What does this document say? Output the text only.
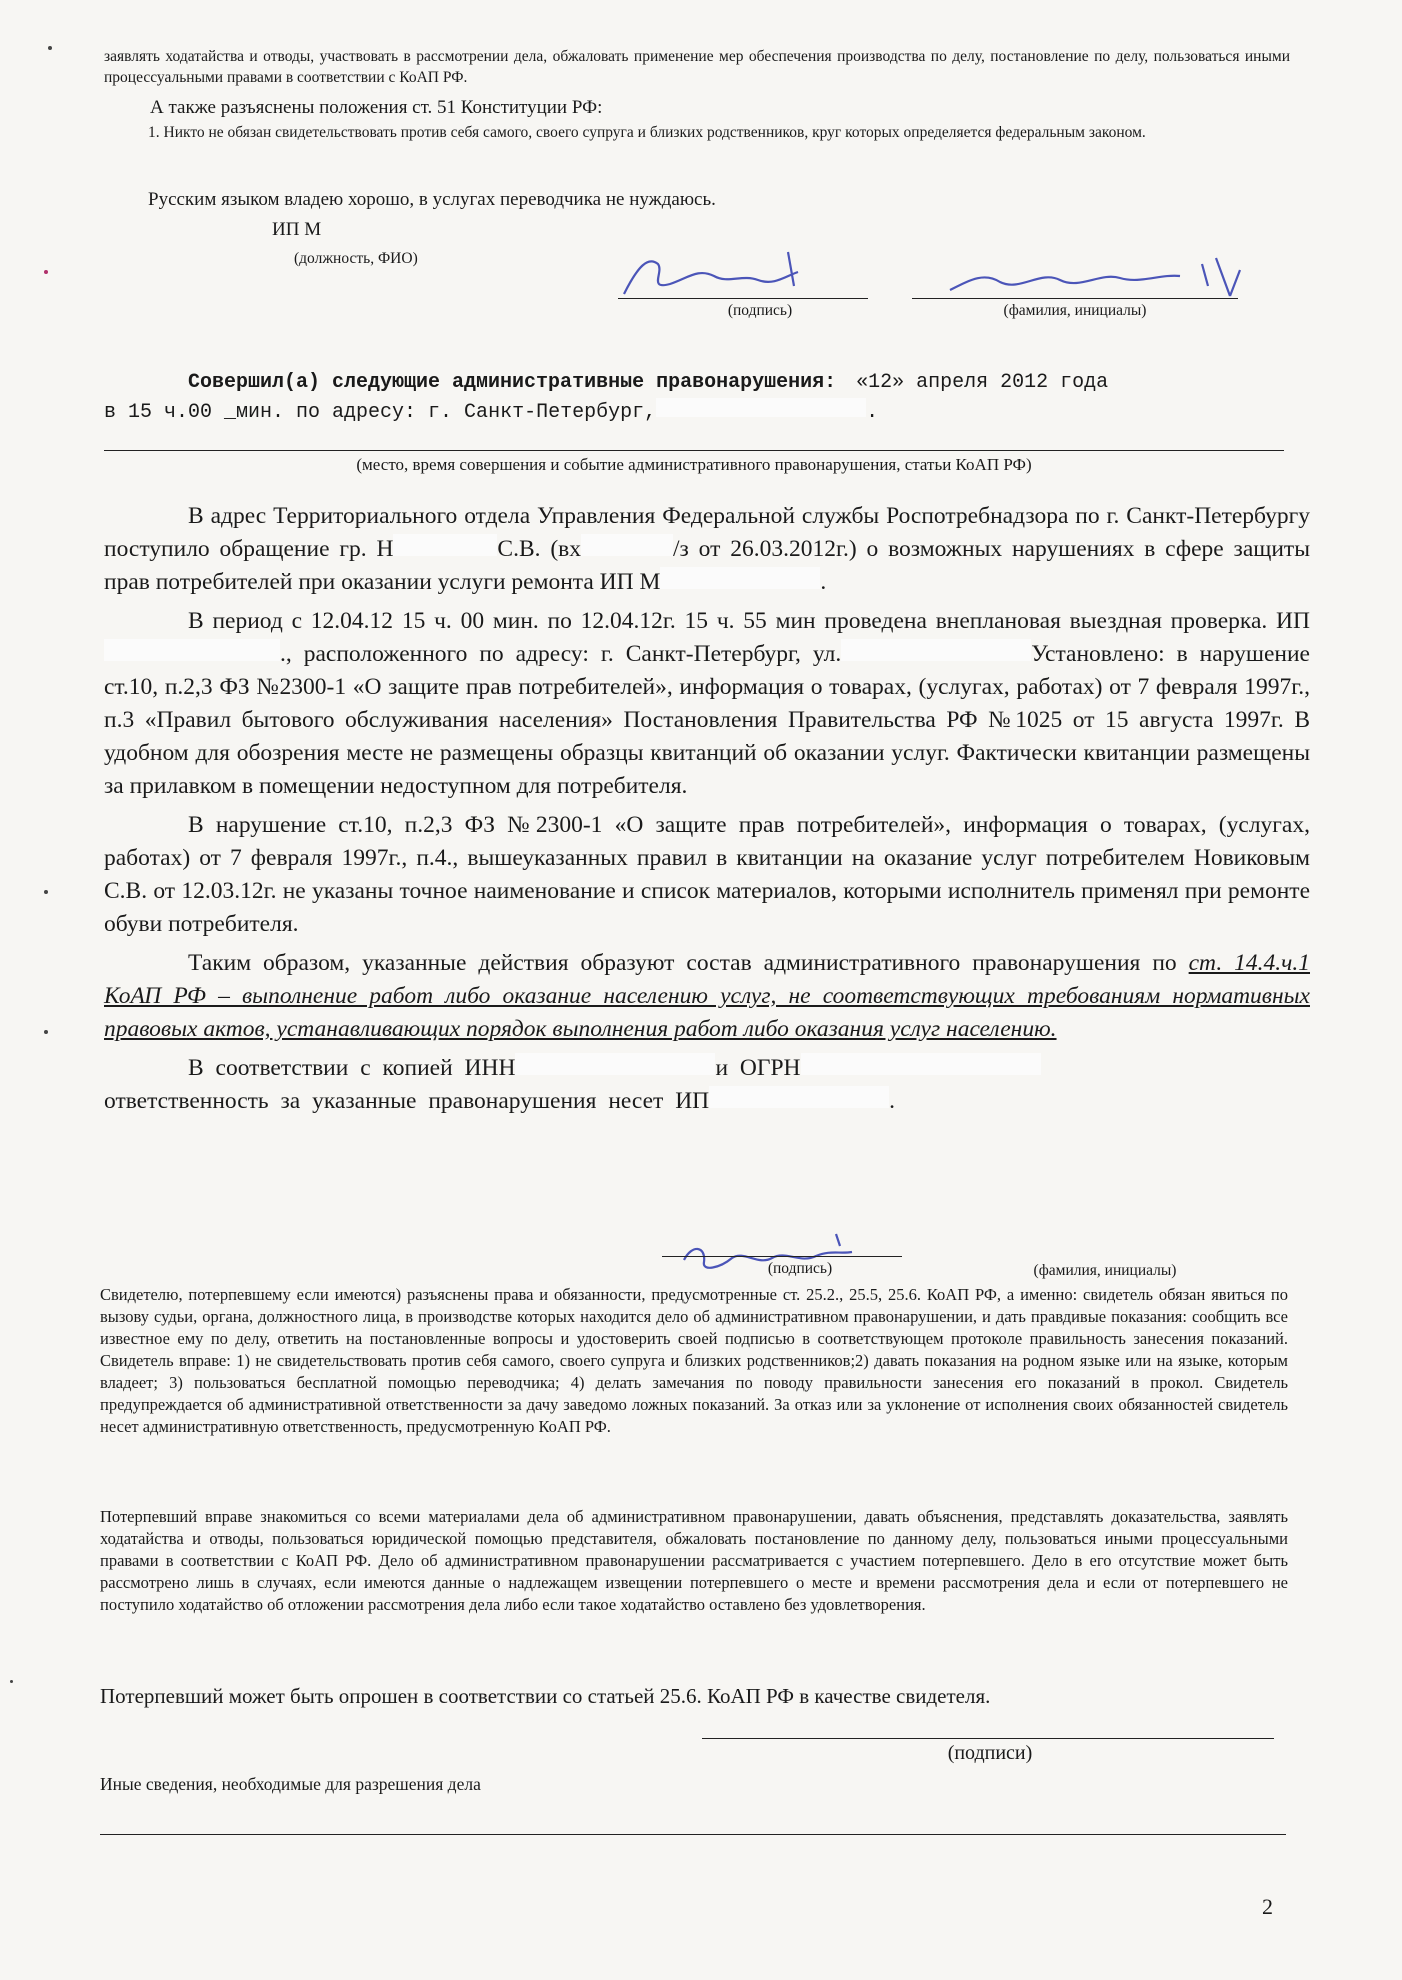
заявлять ходатайства и отводы, участвовать в рассмотрении дела, обжаловать применение мер обеспечения производства по делу, постановление по делу, пользоваться иными процессуальными правами в соответствии с КоАП РФ.

А также разъяснены положения ст. 51 Конституции РФ:

1. Никто не обязан свидетельствовать против себя самого, своего супруга и близких родственников, круг которых определяется федеральным законом.

Русским языком владею хорошо, в услугах переводчика не нуждаюсь.

ИП М

(должность, ФИО)

(подпись)	(фамилия, инициалы)

Совершил(а) следующие административные правонарушения: «12» апреля 2012 года
в 15 ч.00 _мин. по адресу: г. Санкт-Петербург,	.

(место, время совершения и событие административного правонарушения, статьи КоАП РФ)

В адрес Территориального отдела Управления Федеральной службы Роспотребнадзора по г. Санкт-Петербургу поступило обращение гр. Н	С.В. (вх	/з от 26.03.2012г.) о возможных нарушениях в сфере защиты прав потребителей при оказании услуги ремонта ИП М	.

В период с 12.04.12 15 ч. 00 мин. по 12.04.12г. 15 ч. 55 мин проведена внеплановая выездная проверка. ИП., расположенного по адресу: г. Санкт-Петербург, ул.	Установлено: в нарушение ст.10, п.2,3 ФЗ №2300-1 «О защите прав потребителей», информация о товарах, (услугах, работах) от 7 февраля 1997г., п.3 «Правил бытового обслуживания населения» Постановления Правительства РФ №1025 от 15 августа 1997г. В удобном для обозрения месте не размещены образцы квитанций об оказании услуг. Фактически квитанции размещены за прилавком в помещении недоступном для потребителя.

В нарушение ст.10, п.2,3 ФЗ №2300-1 «О защите прав потребителей», информация о товарах, (услугах, работах) от 7 февраля 1997г., п.4., вышеуказанных правил в квитанции на оказание услуг потребителем Новиковым С.В. от 12.03.12г. не указаны точное наименование и список материалов, которыми исполнитель применял при ремонте обуви потребителя.

Таким образом, указанные действия образуют состав административного правонарушения по ст. 14.4.ч.1 КоАП РФ – выполнение работ либо оказание населению услуг, не соответствующих требованиям нормативных правовых актов, устанавливающих порядок выполнения работ либо оказания услуг населению.

В соответствии с копией ИНН	и ОГРН
ответственность за указанные правонарушения несет ИП	.

(подпись)	(фамилия, инициалы)

Свидетелю, потерпевшему если имеются) разъяснены права и обязанности, предусмотренные ст. 25.2., 25.5, 25.6. КоАП РФ, а именно: свидетель обязан явиться по вызову судьи, органа, должностного лица, в производстве которых находится дело об административном правонарушении, и дать правдивые показания: сообщить все известное ему по делу, ответить на постановленные вопросы и удостоверить своей подписью в соответствующем протоколе правильность занесения показаний. Свидетель вправе: 1) не свидетельствовать против себя самого, своего супруга и близких родственников;2) давать показания на родном языке или на языке, которым владеет; 3) пользоваться бесплатной помощью переводчика; 4) делать замечания по поводу правильности занесения его показаний в прокол. Свидетель предупреждается об административной ответственности за дачу заведомо ложных показаний. За отказ или за уклонение от исполнения своих обязанностей свидетель несет административную ответственность, предусмотренную КоАП РФ.

Потерпевший вправе знакомиться со всеми материалами дела об административном правонарушении, давать объяснения, представлять доказательства, заявлять ходатайства и отводы, пользоваться юридической помощью представителя, обжаловать постановление по данному делу, пользоваться иными процессуальными правами в соответствии с КоАП РФ. Дело об административном правонарушении рассматривается с участием потерпевшего. Дело в его отсутствие может быть рассмотрено лишь в случаях, если имеются данные о надлежащем извещении потерпевшего о месте и времени рассмотрения дела и если от потерпевшего не поступило ходатайство об отложении рассмотрения дела либо если такое ходатайство оставлено без удовлетворения.

Потерпевший может быть опрошен в соответствии со статьей 25.6. КоАП РФ в качестве свидетеля.

(подписи)

Иные сведения, необходимые для разрешения дела

2
